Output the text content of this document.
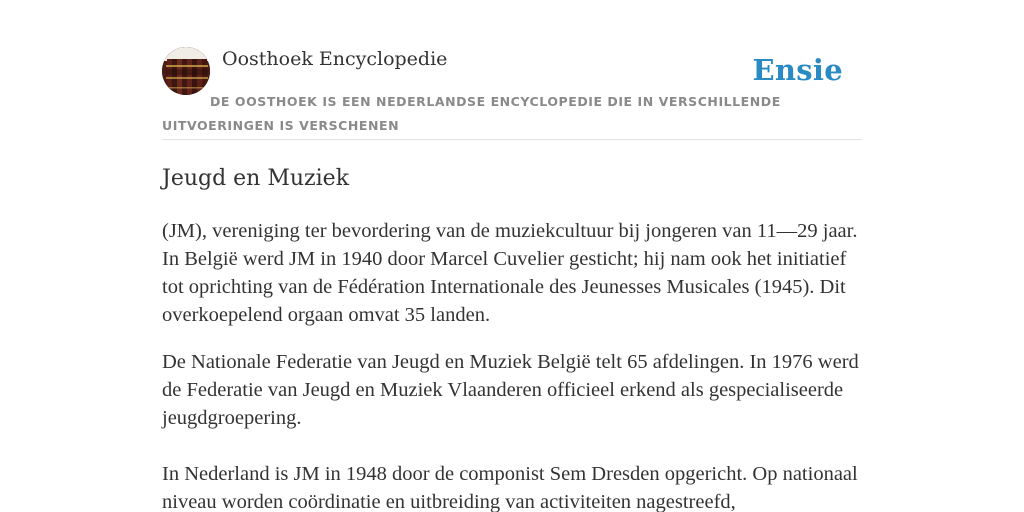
Oosthoek Encyclopedie	Ensie
DE OOSTHOEK IS EEN NEDERLANDSE ENCYCLOPEDIE DIE IN VERSCHILLENDE UITVOERINGEN IS VERSCHENEN
Jeugd en Muziek

(JM), vereniging ter bevordering van de muziekcultuur bij jongeren van 11—29 jaar. In België werd JM in 1940 door Marcel Cuvelier gesticht; hij nam ook het initiatief tot oprichting van de Fédération Internationale des Jeunesses Musicales (1945). Dit overkoepelend orgaan omvat 35 landen.

De Nationale Federatie van Jeugd en Muziek België telt 65 afdelingen. In 1976 werd de Federatie van Jeugd en Muziek Vlaanderen officieel erkend als gespecialiseerde jeugdgroepering.

In Nederland is JM in 1948 door de componist Sem Dresden opgericht. Op nationaal niveau worden coördinatie en uitbreiding van activiteiten nagestreefd,
